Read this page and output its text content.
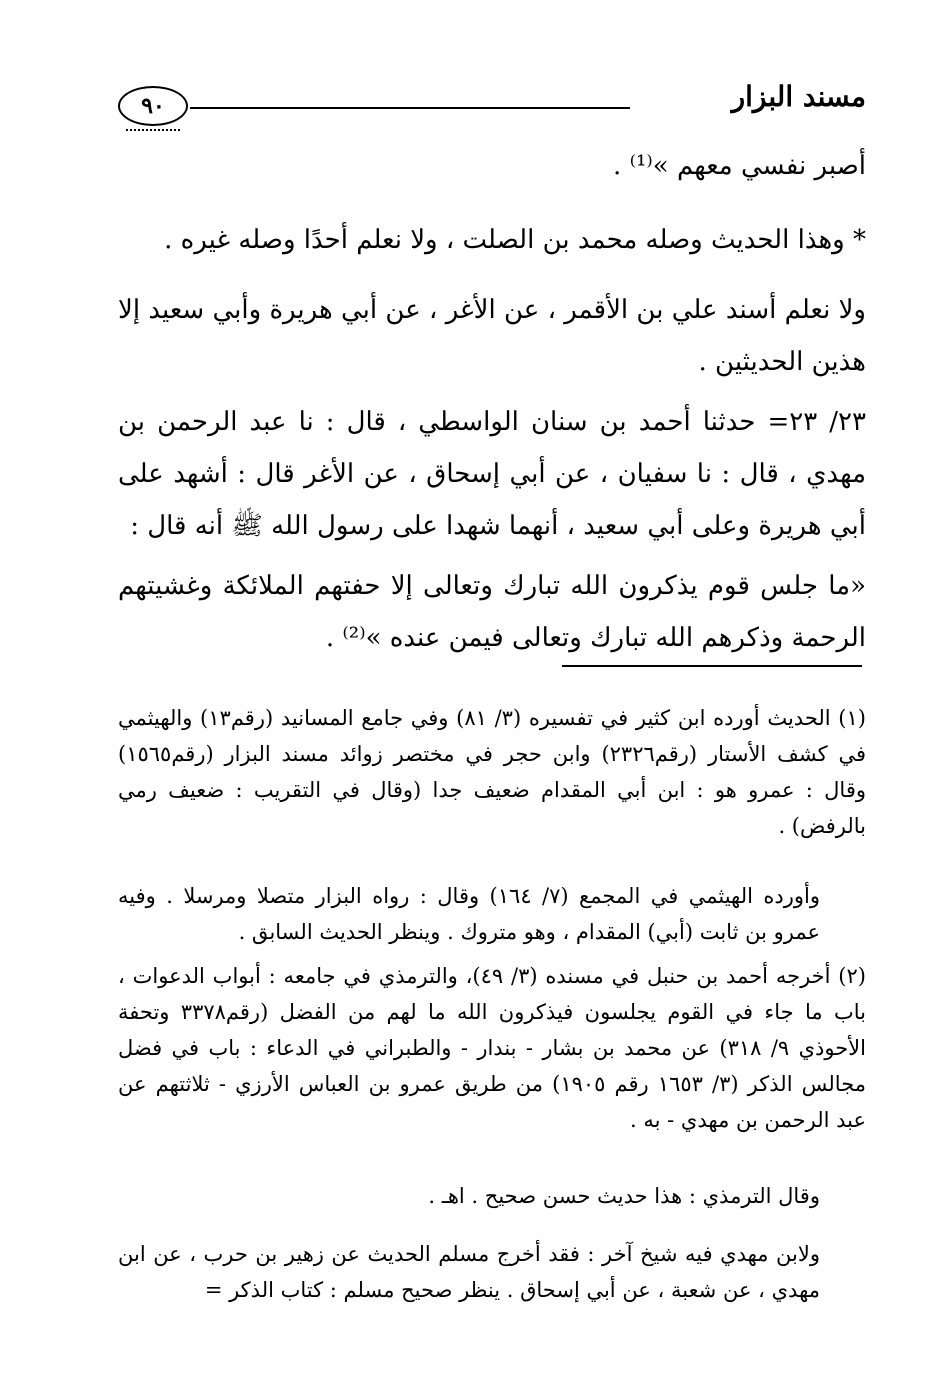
٩٠	مسند البزار

أصبر نفسي معهم »⁽¹⁾ .

* وهذا الحديث وصله محمد بن الصلت ، ولا نعلم أحدًا وصله غيره .

ولا نعلم أسند علي بن الأقمر ، عن الأغر ، عن أبي هريرة وأبي سعيد إلا هذين الحديثين .

٢٣/ ٢٣= حدثنا أحمد بن سنان الواسطي ، قال : نا عبد الرحمن بن مهدي ، قال : نا سفيان ، عن أبي إسحاق ، عن الأغر قال : أشهد على أبي هريرة وعلى أبي سعيد ، أنهما شهدا على رسول الله ﷺ أنه قال :

«ما جلس قوم يذكرون الله تبارك وتعالى إلا حفتهم الملائكة وغشيتهم الرحمة وذكرهم الله تبارك وتعالى فيمن عنده »⁽²⁾ .

(١) الحديث أورده ابن كثير في تفسيره (٣/ ٨١) وفي جامع المسانيد (رقم١٣) والهيثمي في كشف الأستار (رقم٢٣٢٦) وابن حجر في مختصر زوائد مسند البزار (رقم١٥٦٥) وقال : عمرو هو : ابن أبي المقدام ضعيف جدا (وقال في التقريب : ضعيف رمي بالرفض) .

وأورده الهيثمي في المجمع (٧/ ١٦٤) وقال : رواه البزار متصلا ومرسلا . وفيه عمرو بن ثابت (أبي) المقدام ، وهو متروك . وينظر الحديث السابق .

(٢) أخرجه أحمد بن حنبل في مسنده (٣/ ٤٩)، والترمذي في جامعه : أبواب الدعوات ، باب ما جاء في القوم يجلسون فيذكرون الله ما لهم من الفضل (رقم٣٣٧٨ وتحفة الأحوذي ٩/ ٣١٨) عن محمد بن بشار - بندار - والطبراني في الدعاء : باب في فضل مجالس الذكر (٣/ ١٦٥٣ رقم ١٩٠٥) من طريق عمرو بن العباس الأرزي - ثلاثتهم عن عبد الرحمن بن مهدي - به .

وقال الترمذي : هذا حديث حسن صحيح . اهـ .

ولابن مهدي فيه شيخ آخر : فقد أخرج مسلم الحديث عن زهير بن حرب ، عن ابن مهدي ، عن شعبة ، عن أبي إسحاق . ينظر صحيح مسلم : كتاب الذكر =
